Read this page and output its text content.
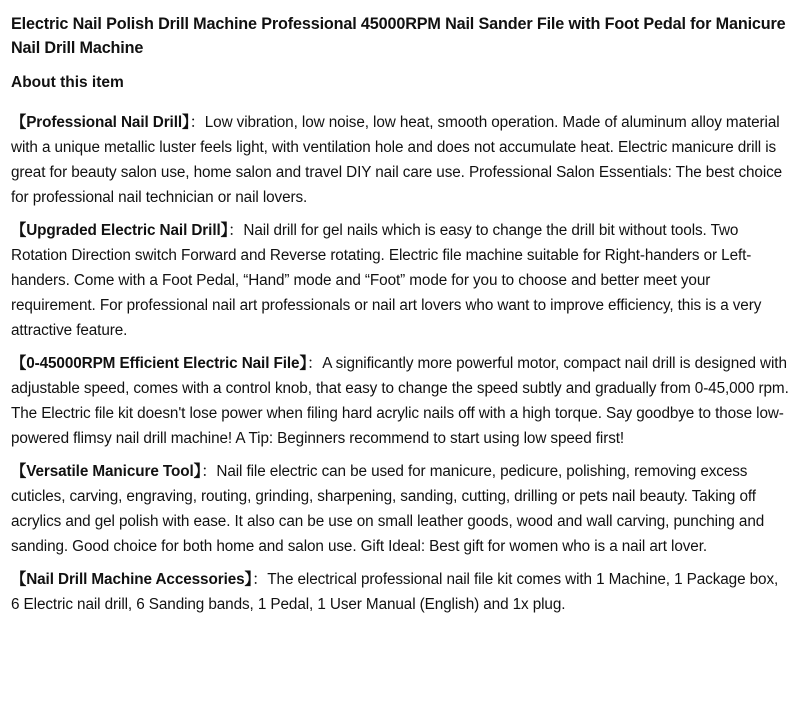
Electric Nail Polish Drill Machine Professional 45000RPM Nail Sander File with Foot Pedal for Manicure Nail Drill Machine
About this item

【Professional Nail Drill】：Low vibration, low noise, low heat, smooth operation. Made of aluminum alloy material with a unique metallic luster feels light, with ventilation hole and does not accumulate heat. Electric manicure drill is great for beauty salon use, home salon and travel DIY nail care use. Professional Salon Essentials: The best choice for professional nail technician or nail lovers.

【Upgraded Electric Nail Drill】：Nail drill for gel nails which is easy to change the drill bit without tools. Two Rotation Direction switch Forward and Reverse rotating. Electric file machine suitable for Right-handers or Left-handers. Come with a Foot Pedal, “Hand” mode and “Foot” mode for you to choose and better meet your requirement. For professional nail art professionals or nail art lovers who want to improve efficiency, this is a very attractive feature.

【0-45000RPM Efficient Electric Nail File】：A significantly more powerful motor, compact nail drill is designed with adjustable speed, comes with a control knob, that easy to change the speed subtly and gradually from 0-45,000 rpm. The Electric file kit doesn't lose power when filing hard acrylic nails off with a high torque. Say goodbye to those low-powered flimsy nail drill machine! A Tip: Beginners recommend to start using low speed first!

【Versatile Manicure Tool】：Nail file electric can be used for manicure, pedicure, polishing, removing excess cuticles, carving, engraving, routing, grinding, sharpening, sanding, cutting, drilling or pets nail beauty. Taking off acrylics and gel polish with ease. It also can be use on small leather goods, wood and wall carving, punching and sanding. Good choice for both home and salon use. Gift Ideal: Best gift for women who is a nail art lover.

【Nail Drill Machine Accessories】：The electrical professional nail file kit comes with 1 Machine, 1 Package box, 6 Electric nail drill, 6 Sanding bands, 1 Pedal, 1 User Manual (English) and 1x plug.
